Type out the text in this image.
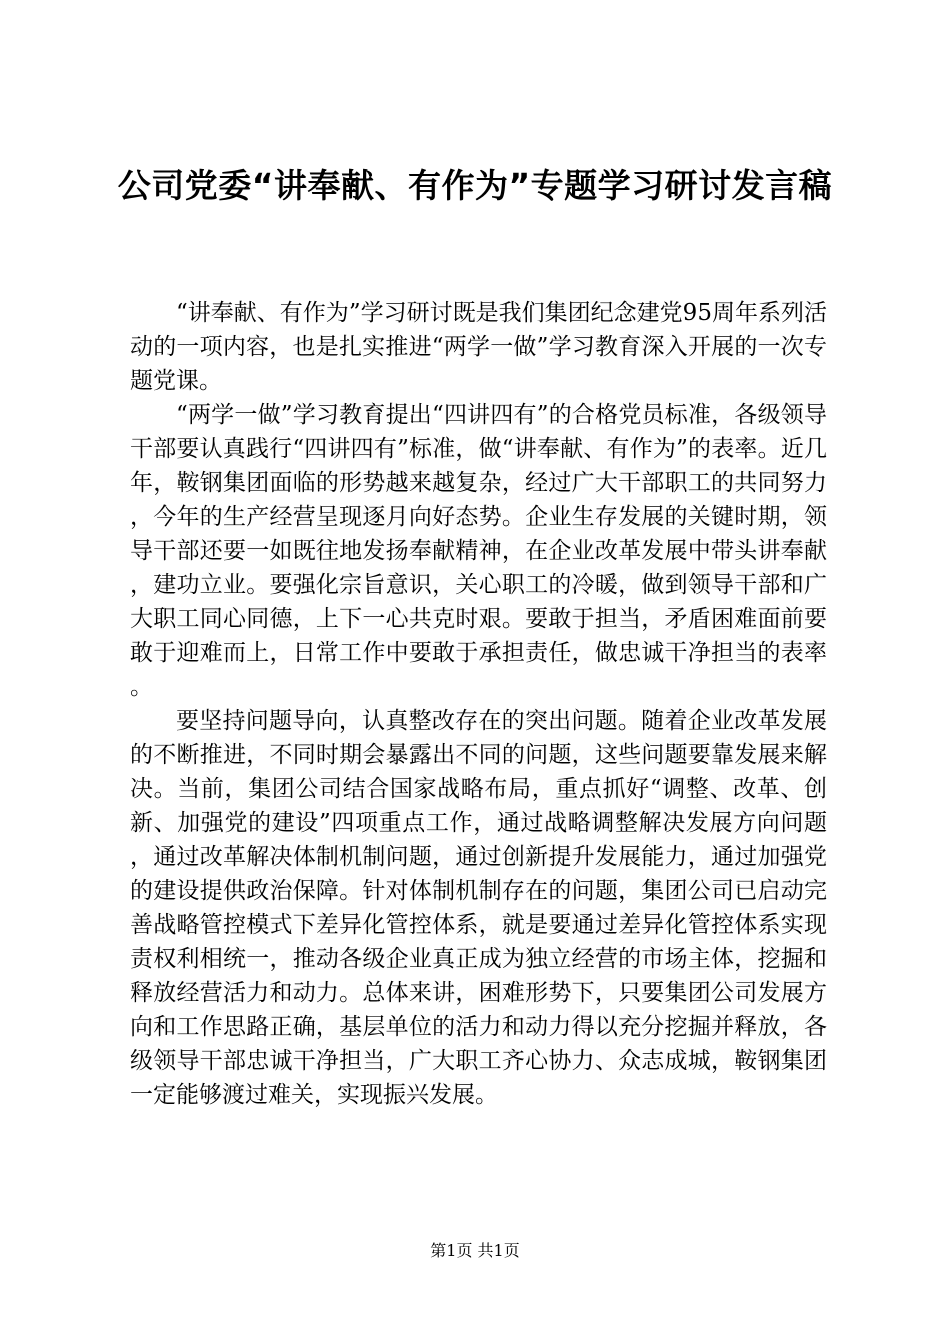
公司党委“讲奉献、有作为”专题学习研讨发言稿

“讲奉献、有作为”学习研讨既是我们集团纪念建党95周年系列活动的一项内容，也是扎实推进“两学一做”学习教育深入开展的一次专题党课。

“两学一做”学习教育提出“四讲四有”的合格党员标准，各级领导干部要认真践行“四讲四有”标准，做“讲奉献、有作为”的表率。近几年，鞍钢集团面临的形势越来越复杂，经过广大干部职工的共同努力，今年的生产经营呈现逐月向好态势。企业生存发展的关键时期，领导干部还要一如既往地发扬奉献精神，在企业改革发展中带头讲奉献，建功立业。要强化宗旨意识，关心职工的冷暖，做到领导干部和广大职工同心同德，上下一心共克时艰。要敢于担当，矛盾困难面前要敢于迎难而上，日常工作中要敢于承担责任，做忠诚干净担当的表率。

要坚持问题导向，认真整改存在的突出问题。随着企业改革发展的不断推进，不同时期会暴露出不同的问题，这些问题要靠发展来解决。当前，集团公司结合国家战略布局，重点抓好“调整、改革、创新、加强党的建设”四项重点工作，通过战略调整解决发展方向问题，通过改革解决体制机制问题，通过创新提升发展能力，通过加强党的建设提供政治保障。针对体制机制存在的问题，集团公司已启动完善战略管控模式下差异化管控体系，就是要通过差异化管控体系实现责权利相统一，推动各级企业真正成为独立经营的市场主体，挖掘和释放经营活力和动力。总体来讲，困难形势下，只要集团公司发展方向和工作思路正确，基层单位的活力和动力得以充分挖掘并释放，各级领导干部忠诚干净担当，广大职工齐心协力、众志成城，鞍钢集团一定能够渡过难关，实现振兴发展。

第1页 共1页
